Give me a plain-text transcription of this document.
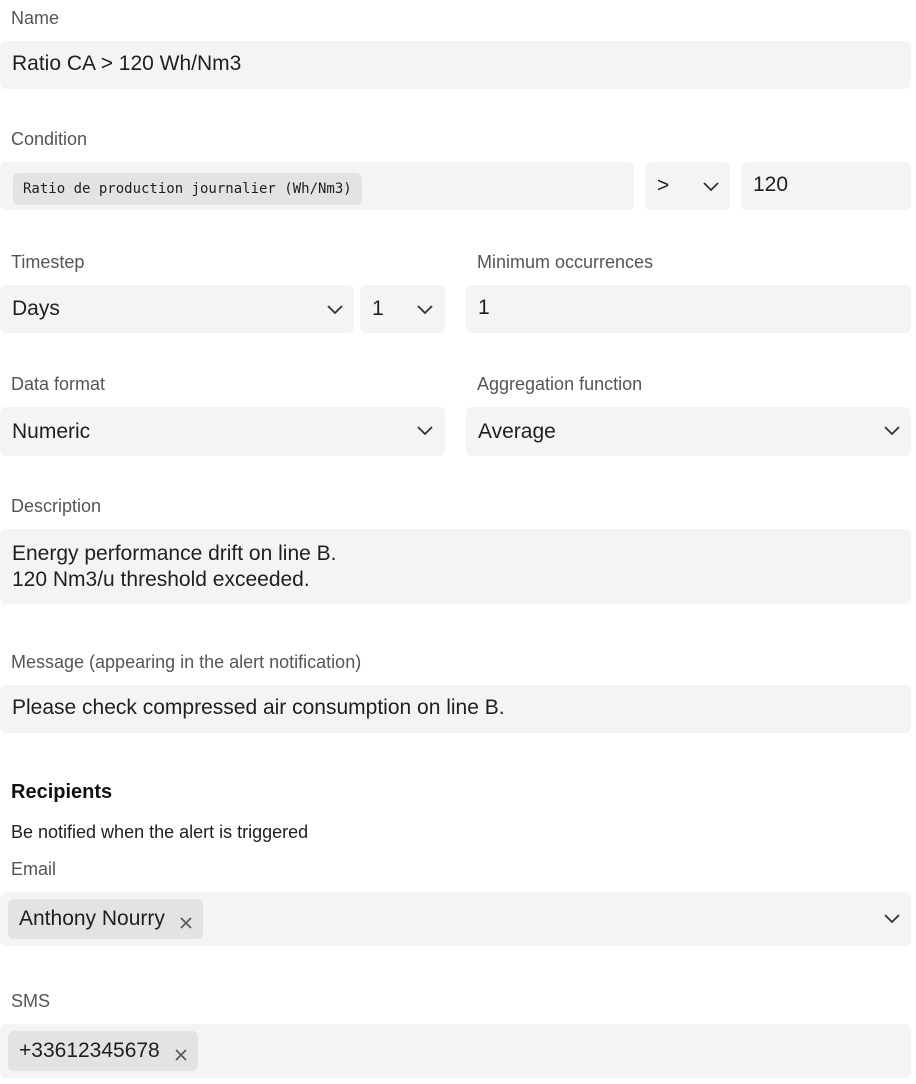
Name
Ratio CA > 120 Wh/Nm3
Condition
Ratio de production journalier (Wh/Nm3)	>	120
Timestep
Days	1
Minimum occurrences
1
Data format
Numeric
Aggregation function
Average
Description
Energy performance drift on line B.
120 Nm3/u threshold exceeded.
Message (appearing in the alert notification)
Please check compressed air consumption on line B.
Recipients
Be notified when the alert is triggered
Email
Anthony Nourry
SMS
+33612345678
